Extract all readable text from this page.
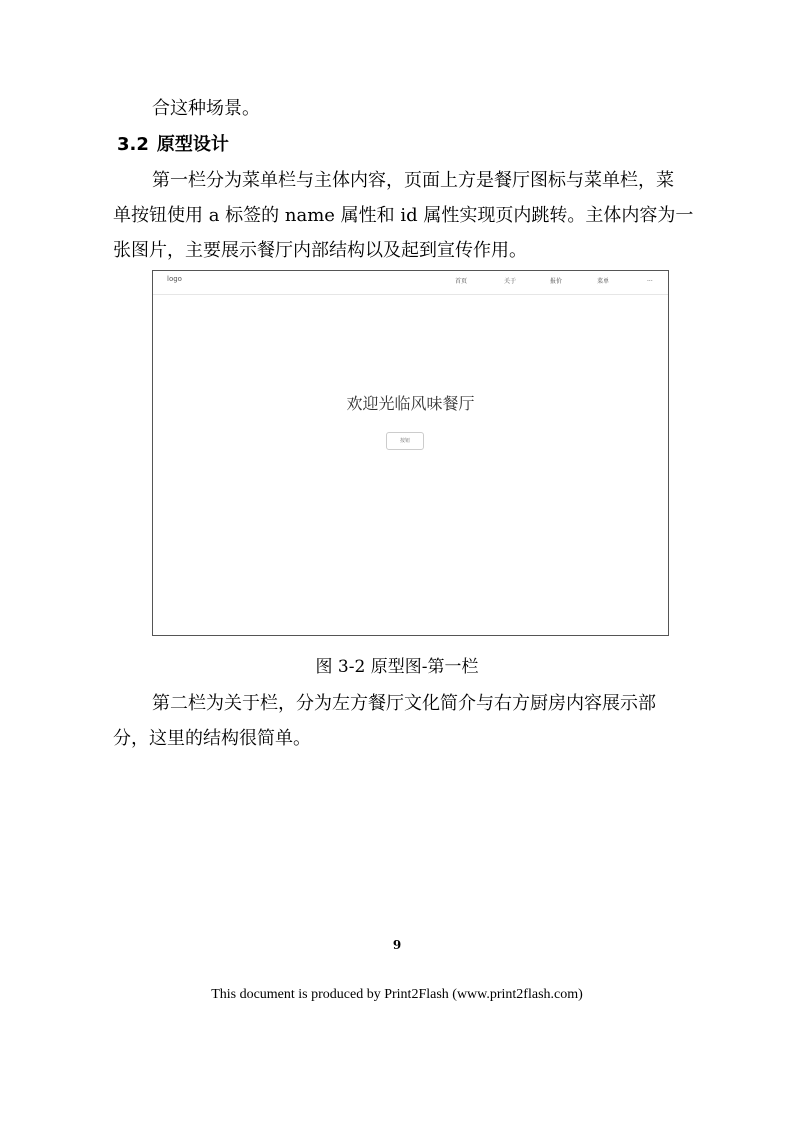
合这种场景。
3.2 原型设计
第一栏分为菜单栏与主体内容，页面上方是餐厅图标与菜单栏，菜
单按钮使用 a 标签的 name 属性和 id 属性实现页内跳转。主体内容为一
张图片，主要展示餐厅内部结构以及起到宣传作用。
logo	首页	关于	报价	菜单	...
欢迎光临风味餐厅
按钮
图 3-2 原型图-第一栏
第二栏为关于栏，分为左方餐厅文化简介与右方厨房内容展示部
分，这里的结构很简单。
9
This document is produced by Print2Flash (www.print2flash.com)
